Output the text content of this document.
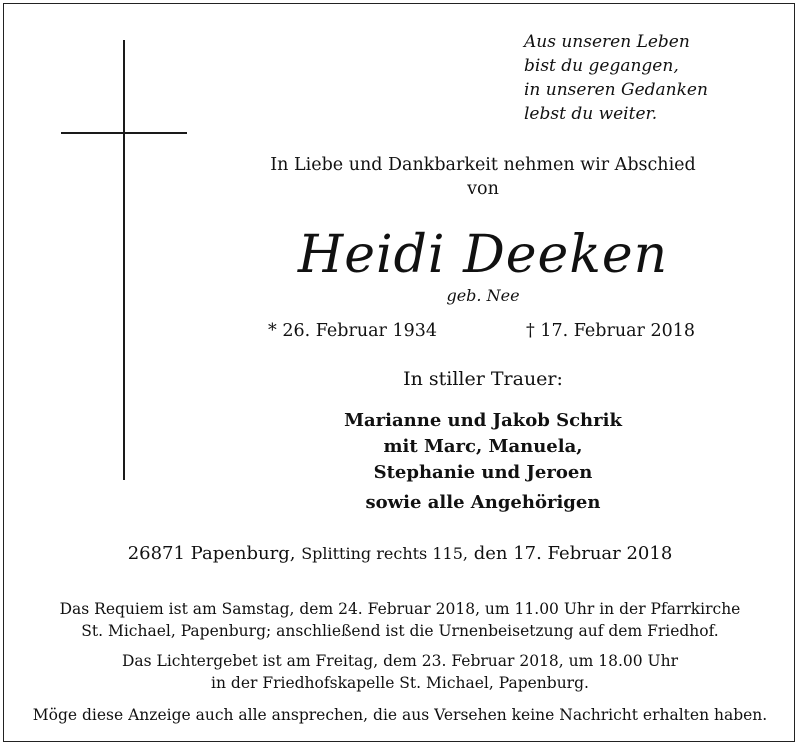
Aus unseren Leben
bist du gegangen,
in unseren Gedanken
lebst du weiter.
In Liebe und Dankbarkeit nehmen wir Abschied
von
Heidi Deeken
geb. Nee
* 26. Februar 1934	† 17. Februar 2018
In stiller Trauer:
Marianne und Jakob Schrik
mit Marc, Manuela,
Stephanie und Jeroen
sowie alle Angehörigen
26871 Papenburg, Splitting rechts 115, den 17. Februar 2018
Das Requiem ist am Samstag, dem 24. Februar 2018, um 11.00 Uhr in der Pfarrkirche
St. Michael, Papenburg; anschließend ist die Urnenbeisetzung auf dem Friedhof.
Das Lichtergebet ist am Freitag, dem 23. Februar 2018, um 18.00 Uhr
in der Friedhofskapelle St. Michael, Papenburg.
Möge diese Anzeige auch alle ansprechen, die aus Versehen keine Nachricht erhalten haben.
